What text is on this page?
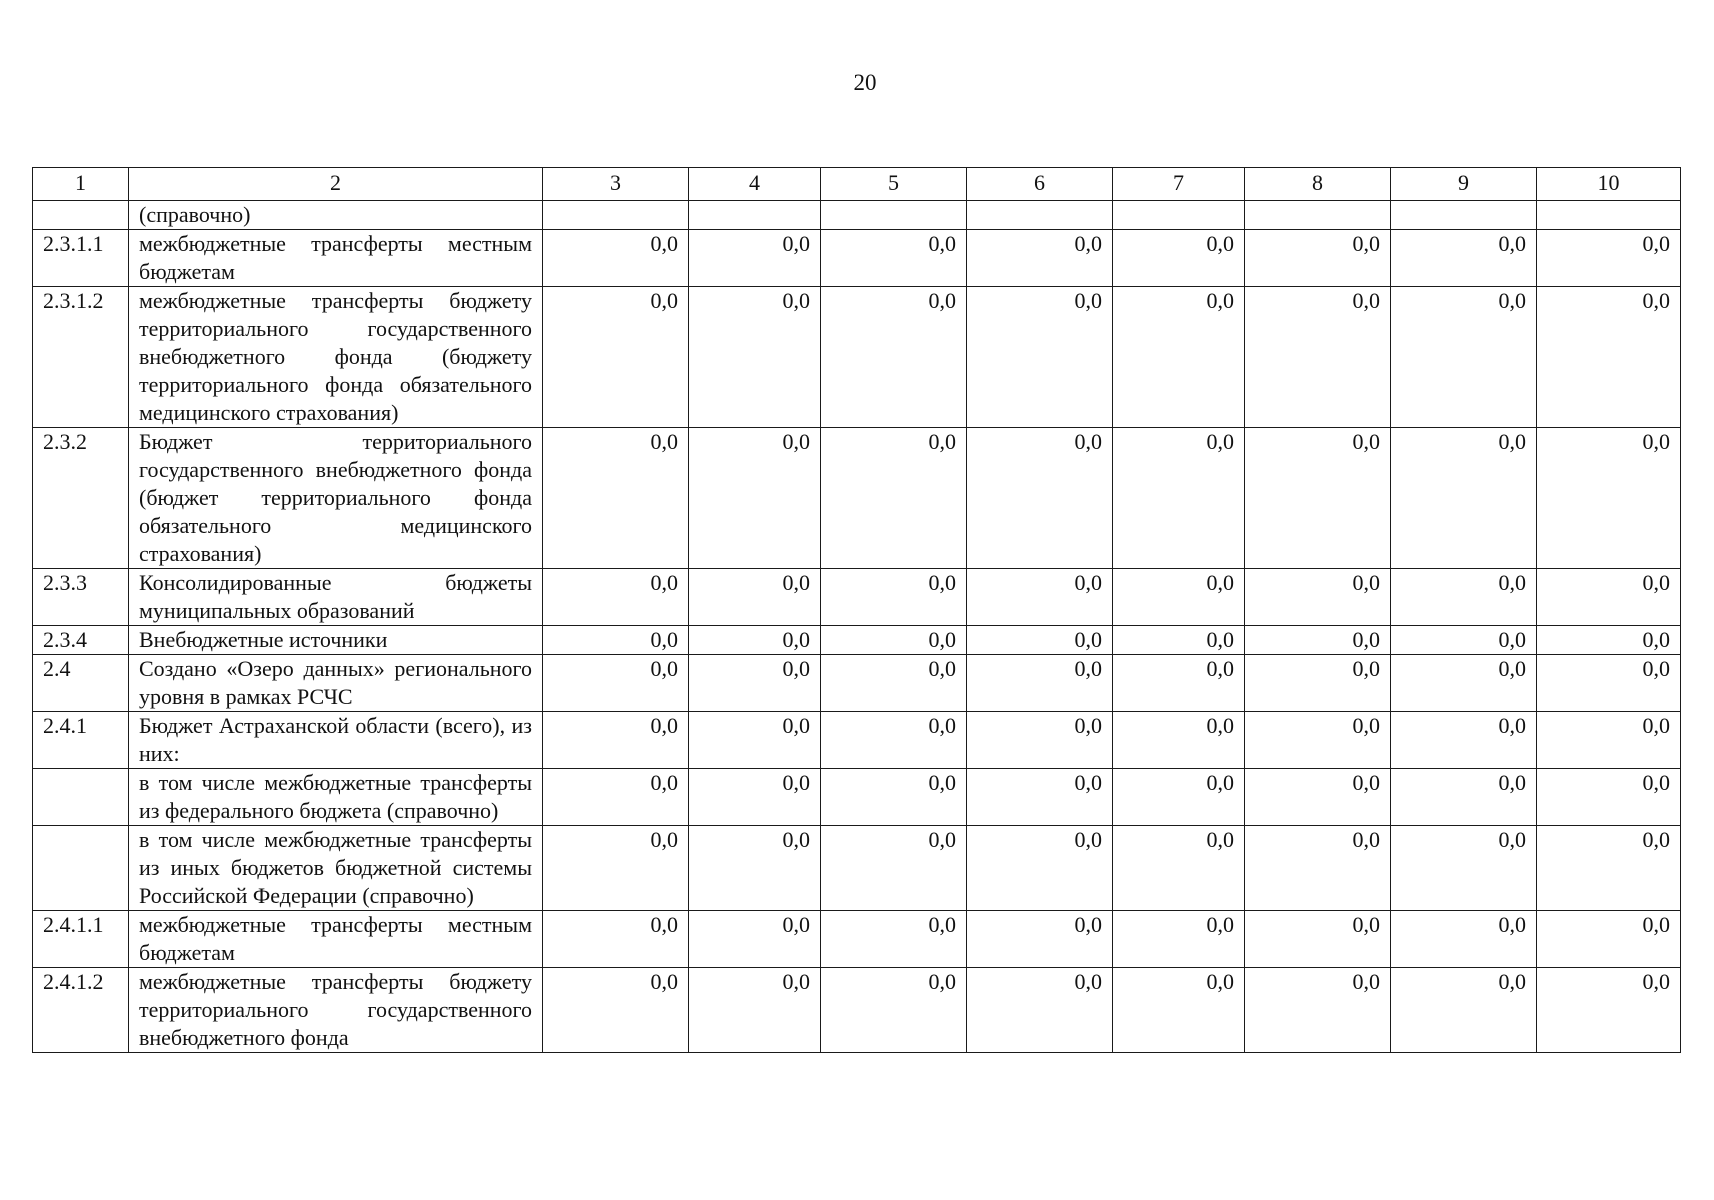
20
1	2	3	4	5	6	7	8	9	10
	(справочно)								
2.3.1.1	межбюджетные трансферты местным бюджетам	0,0	0,0	0,0	0,0	0,0	0,0	0,0	0,0
2.3.1.2	межбюджетные трансферты бюджету территориального государственного внебюджетного фонда (бюджету территориального фонда обязательного медицинского страхования)	0,0	0,0	0,0	0,0	0,0	0,0	0,0	0,0
2.3.2	Бюджет территориального государственного внебюджетного фонда (бюджет территориального фонда обязательного медицинского страхования)	0,0	0,0	0,0	0,0	0,0	0,0	0,0	0,0
2.3.3	Консолидированные бюджеты муниципальных образований	0,0	0,0	0,0	0,0	0,0	0,0	0,0	0,0
2.3.4	Внебюджетные источники	0,0	0,0	0,0	0,0	0,0	0,0	0,0	0,0
2.4	Создано «Озеро данных» регионального уровня в рамках РСЧС	0,0	0,0	0,0	0,0	0,0	0,0	0,0	0,0
2.4.1	Бюджет Астраханской области (всего), из них:	0,0	0,0	0,0	0,0	0,0	0,0	0,0	0,0
	в том числе межбюджетные трансферты из федерального бюджета (справочно)	0,0	0,0	0,0	0,0	0,0	0,0	0,0	0,0
	в том числе межбюджетные трансферты из иных бюджетов бюджетной системы Российской Федерации (справочно)	0,0	0,0	0,0	0,0	0,0	0,0	0,0	0,0
2.4.1.1	межбюджетные трансферты местным бюджетам	0,0	0,0	0,0	0,0	0,0	0,0	0,0	0,0
2.4.1.2	межбюджетные трансферты бюджету территориального государственного внебюджетного фонда	0,0	0,0	0,0	0,0	0,0	0,0	0,0	0,0
